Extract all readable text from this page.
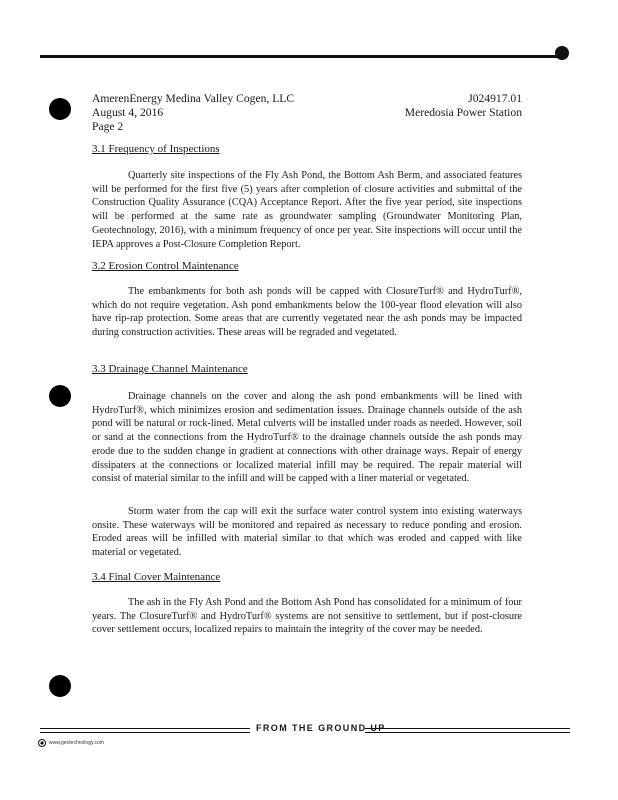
AmerenEnergy Medina Valley Cogen, LLC	J024917.01
August 4, 2016	Meredosia Power Station
Page 2
3.1 Frequency of Inspections

Quarterly site inspections of the Fly Ash Pond, the Bottom Ash Berm, and associated features will be performed for the first five (5) years after completion of closure activities and submittal of the Construction Quality Assurance (CQA) Acceptance Report. After the five year period, site inspections will be performed at the same rate as groundwater sampling (Groundwater Monitoring Plan, Geotechnology, 2016), with a minimum frequency of once per year. Site inspections will occur until the IEPA approves a Post-Closure Completion Report.

3.2 Erosion Control Maintenance

The embankments for both ash ponds will be capped with ClosureTurf® and HydroTurf®, which do not require vegetation. Ash pond embankments below the 100-year flood elevation will also have rip-rap protection. Some areas that are currently vegetated near the ash ponds may be impacted during construction activities. These areas will be regraded and vegetated.

3.3 Drainage Channel Maintenance

Drainage channels on the cover and along the ash pond embankments will be lined with HydroTurf®, which minimizes erosion and sedimentation issues. Drainage channels outside of the ash pond will be natural or rock-lined. Metal culverts will be installed under roads as needed. However, soil or sand at the connections from the HydroTurf® to the drainage channels outside the ash ponds may erode due to the sudden change in gradient at connections with other drainage ways. Repair of energy dissipaters at the connections or localized material infill may be required. The repair material will consist of material similar to the infill and will be capped with a liner material or vegetated.

Storm water from the cap will exit the surface water control system into existing waterways onsite. These waterways will be monitored and repaired as necessary to reduce ponding and erosion. Eroded areas will be infilled with material similar to that which was eroded and capped with like material or vegetated.

3.4 Final Cover Maintenance

The ash in the Fly Ash Pond and the Bottom Ash Pond has consolidated for a minimum of four years. The ClosureTurf® and HydroTurf® systems are not sensitive to settlement, but if post-closure cover settlement occurs, localized repairs to maintain the integrity of the cover may be needed.

FROM THE GROUND UP
www.geotechnology.com
